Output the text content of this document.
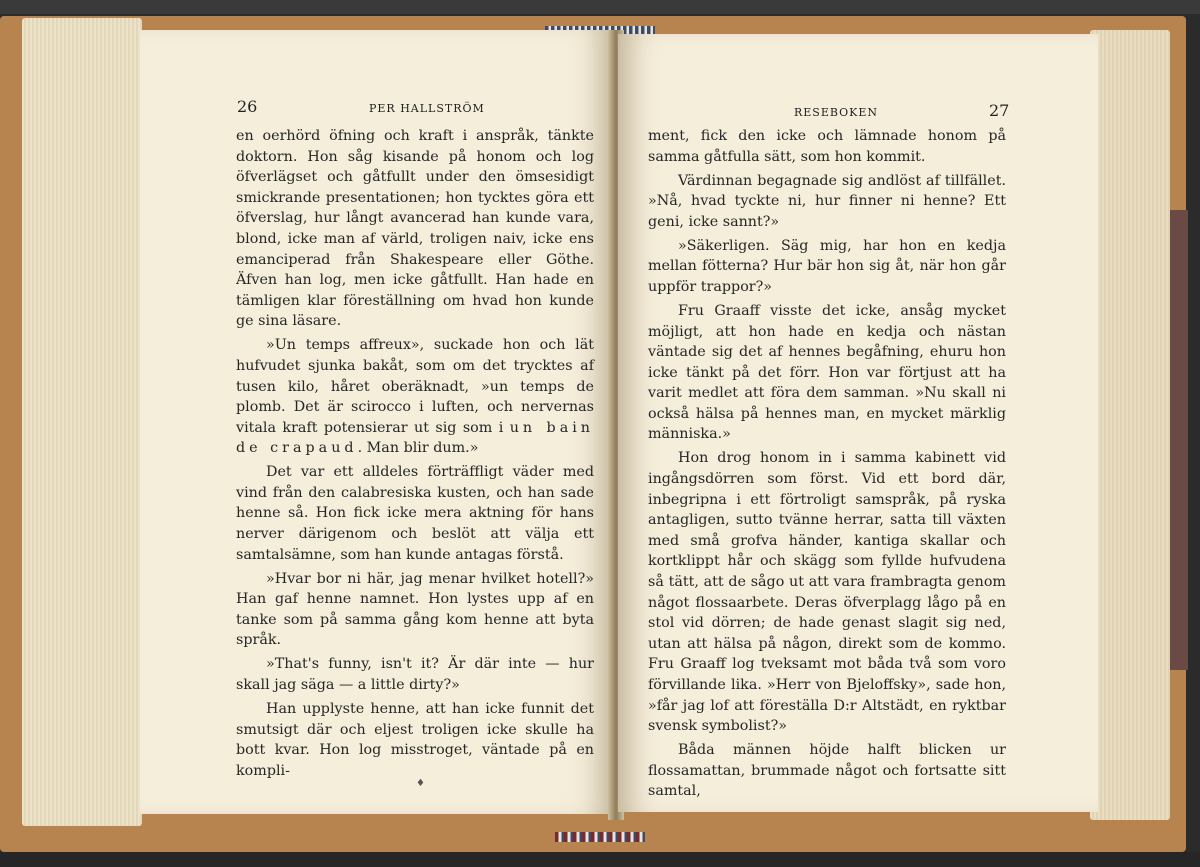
26	PER HALLSTRÖM

en oerhörd öfning och kraft i anspråk, tänkte doktorn. Hon såg kisande på honom och log öfverlägset och gåtfullt under den ömsesidigt smickrande presentationen; hon tycktes göra ett öfverslag, hur långt avancerad han kunde vara, blond, icke man af värld, troligen naiv, icke ens emanciperad från Shakespeare eller Göthe. Äfven han log, men icke gåtfullt. Han hade en tämligen klar föreställning om hvad hon kunde ge sina läsare.

»Un temps affreux», suckade hon och lät hufvudet sjunka bakåt, som om det trycktes af tusen kilo, håret oberäknadt, »un temps de plomb. Det är scirocco i luften, och nervernas vitala kraft potensierar ut sig som i un bain de crapaud. Man blir dum.»

Det var ett alldeles förträffligt väder med vind från den calabresiska kusten, och han sade henne så. Hon fick icke mera aktning för hans nerver därigenom och beslöt att välja ett samtalsämne, som han kunde antagas förstå.

»Hvar bor ni här, jag menar hvilket hotell?» Han gaf henne namnet. Hon lystes upp af en tanke som på samma gång kom henne att byta språk.

»That's funny, isn't it? Är där inte — hur skall jag säga — a little dirty?»

Han upplyste henne, att han icke funnit det smutsigt där och eljest troligen icke skulle ha bott kvar. Hon log misstroget, väntade på en kompli-

♦
RESEBOKEN	27

ment, fick den icke och lämnade honom på samma gåtfulla sätt, som hon kommit.

Värdinnan begagnade sig andlöst af tillfället. »Nå, hvad tyckte ni, hur finner ni henne? Ett geni, icke sannt?»

»Säkerligen. Säg mig, har hon en kedja mellan fötterna? Hur bär hon sig åt, när hon går uppför trappor?»

Fru Graaff visste det icke, ansåg mycket möjligt, att hon hade en kedja och nästan väntade sig det af hennes begåfning, ehuru hon icke tänkt på det förr. Hon var förtjust att ha varit medlet att föra dem samman. »Nu skall ni också hälsa på hennes man, en mycket märklig människa.»

Hon drog honom in i samma kabinett vid ingångsdörren som först. Vid ett bord där, inbegripna i ett förtroligt samspråk, på ryska antagligen, sutto tvänne herrar, satta till växten med små grofva händer, kantiga skallar och kortklippt hår och skägg som fyllde hufvudena så tätt, att de sågo ut att vara frambragta genom något flossaarbete. Deras öfverplagg lågo på en stol vid dörren; de hade genast slagit sig ned, utan att hälsa på någon, direkt som de kommo. Fru Graaff log tveksamt mot båda två som voro förvillande lika. »Herr von Bjeloffsky», sade hon, »får jag lof att föreställa D:r Altstädt, en ryktbar svensk symbolist?»

Båda männen höjde halft blicken ur flossamattan, brummade något och fortsatte sitt samtal,
